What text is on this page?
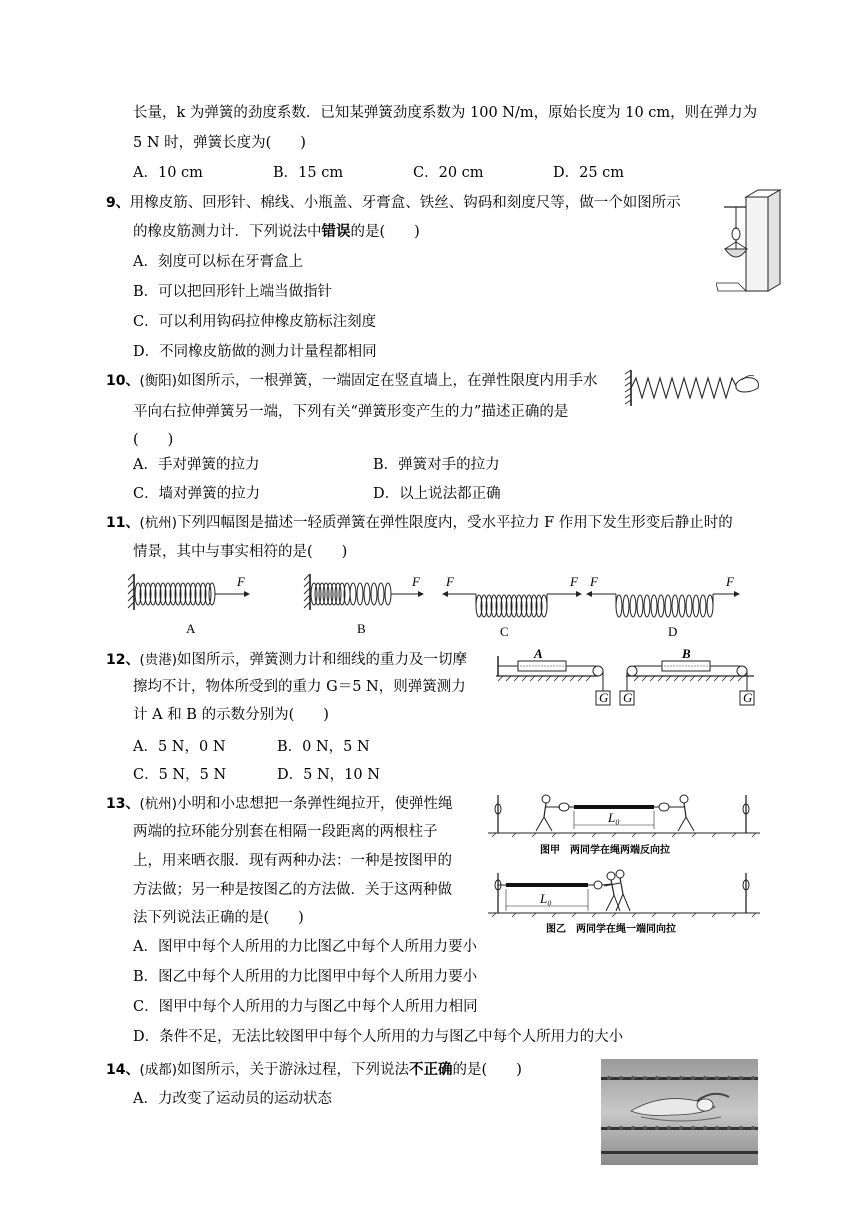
长量，k 为弹簧的劲度系数．已知某弹簧劲度系数为 100 N/m，原始长度为 10 cm，则在弹力为
5 N 时，弹簧长度为(　　)
A．10 cm	B．15 cm	C．20 cm	D．25 cm
9、用橡皮筋、回形针、棉线、小瓶盖、牙膏盒、铁丝、钩码和刻度尺等，做一个如图所示
的橡皮筋测力计．下列说法中错误的是(　　)
A．刻度可以标在牙膏盒上
B．可以把回形针上端当做指针
C．可以利用钩码拉伸橡皮筋标注刻度
D．不同橡皮筋做的测力计量程都相同
10、(衡阳)如图所示，一根弹簧，一端固定在竖直墙上，在弹性限度内用手水
平向右拉伸弹簧另一端，下列有关“弹簧形变产生的力”描述正确的是
(　　)
A．手对弹簧的拉力	B．弹簧对手的拉力
C．墙对弹簧的拉力	D．以上说法都正确
11、(杭州)下列四幅图是描述一轻质弹簧在弹性限度内，受水平拉力 F 作用下发生形变后静止时的
情景，其中与事实相符的是(　　)
F
A
F
B
F	F
C
F	F
D
12、(贵港)如图所示，弹簧测力计和细线的重力及一切摩
擦均不计，物体所受到的重力 G＝5 N，则弹簧测力
计 A 和 B 的示数分别为(　　)
A．5 N，0 N	B．0 N，5 N
C．5 N，5 N	D．5 N，10 N
A
G G
B
G
13、(杭州)小明和小忠想把一条弹性绳拉开，使弹性绳
两端的拉环能分别套在相隔一段距离的两根柱子
上，用来晒衣服．现有两种办法：一种是按图甲的
方法做；另一种是按图乙的方法做．关于这两种做
法下列说法正确的是(　　)
A．图甲中每个人所用的力比图乙中每个人所用力要小
B．图乙中每个人所用的力比图甲中每个人所用力要小
C．图甲中每个人所用的力与图乙中每个人所用力相同
D．条件不足，无法比较图甲中每个人所用的力与图乙中每个人所用力的大小
L₀
图甲　两同学在绳两端反向拉
L₀
图乙　两同学在绳一端同向拉
14、(成都)如图所示，关于游泳过程，下列说法不正确的是(　　)
A．力改变了运动员的运动状态
